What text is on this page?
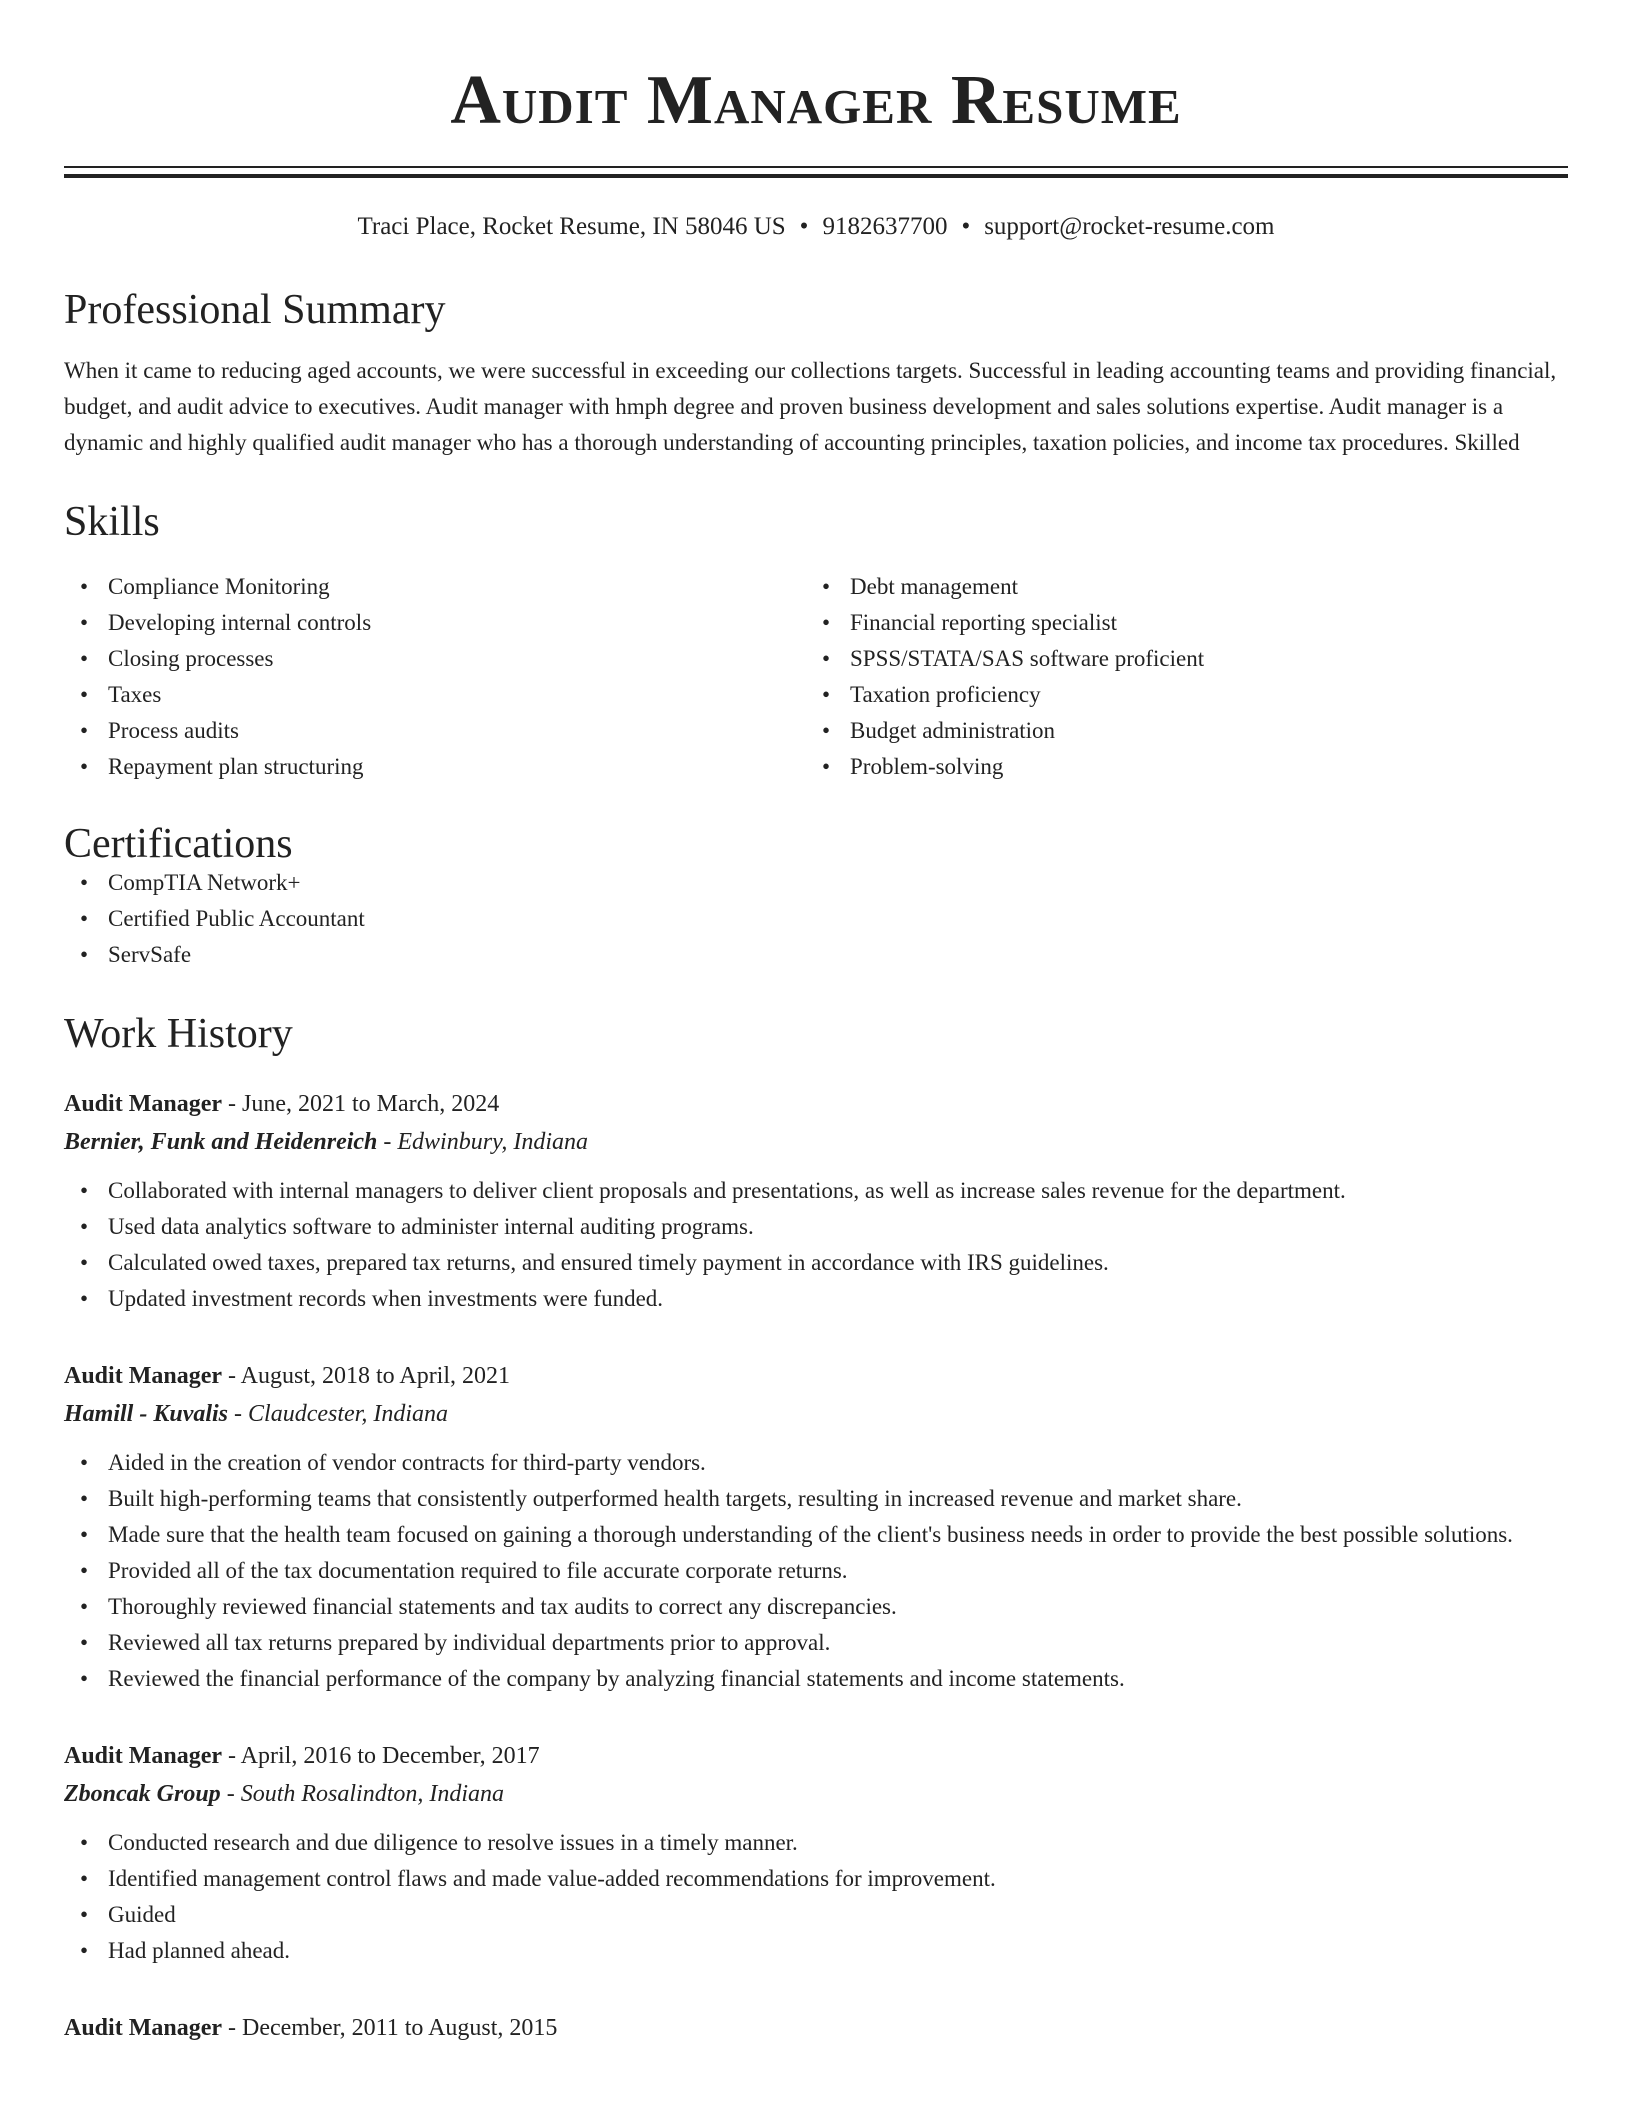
Audit Manager Resume
Traci Place, Rocket Resume, IN 58046 US • 9182637700 • support@rocket-resume.com
Professional Summary

When it came to reducing aged accounts, we were successful in exceeding our collections targets. Successful in leading accounting teams and providing financial, budget, and audit advice to executives. Audit manager with hmph degree and proven business development and sales solutions expertise. Audit manager is a dynamic and highly qualified audit manager who has a thorough understanding of accounting principles, taxation policies, and income tax procedures. Skilled

Skills
• Compliance Monitoring
• Developing internal controls
• Closing processes
• Taxes
• Process audits
• Repayment plan structuring
• Debt management
• Financial reporting specialist
• SPSS/STATA/SAS software proficient
• Taxation proficiency
• Budget administration
• Problem-solving
Certifications
• CompTIA Network+
• Certified Public Accountant
• ServSafe
Work History
Audit Manager - June, 2021 to March, 2024
Bernier, Funk and Heidenreich - Edwinbury, Indiana
• Collaborated with internal managers to deliver client proposals and presentations, as well as increase sales revenue for the department.
• Used data analytics software to administer internal auditing programs.
• Calculated owed taxes, prepared tax returns, and ensured timely payment in accordance with IRS guidelines.
• Updated investment records when investments were funded.
Audit Manager - August, 2018 to April, 2021
Hamill - Kuvalis - Claudcester, Indiana
• Aided in the creation of vendor contracts for third-party vendors.
• Built high-performing teams that consistently outperformed health targets, resulting in increased revenue and market share.
• Made sure that the health team focused on gaining a thorough understanding of the client's business needs in order to provide the best possible solutions.
• Provided all of the tax documentation required to file accurate corporate returns.
• Thoroughly reviewed financial statements and tax audits to correct any discrepancies.
• Reviewed all tax returns prepared by individual departments prior to approval.
• Reviewed the financial performance of the company by analyzing financial statements and income statements.
Audit Manager - April, 2016 to December, 2017
Zboncak Group - South Rosalindton, Indiana
• Conducted research and due diligence to resolve issues in a timely manner.
• Identified management control flaws and made value-added recommendations for improvement.
• Guided
• Had planned ahead.
Audit Manager - December, 2011 to August, 2015
